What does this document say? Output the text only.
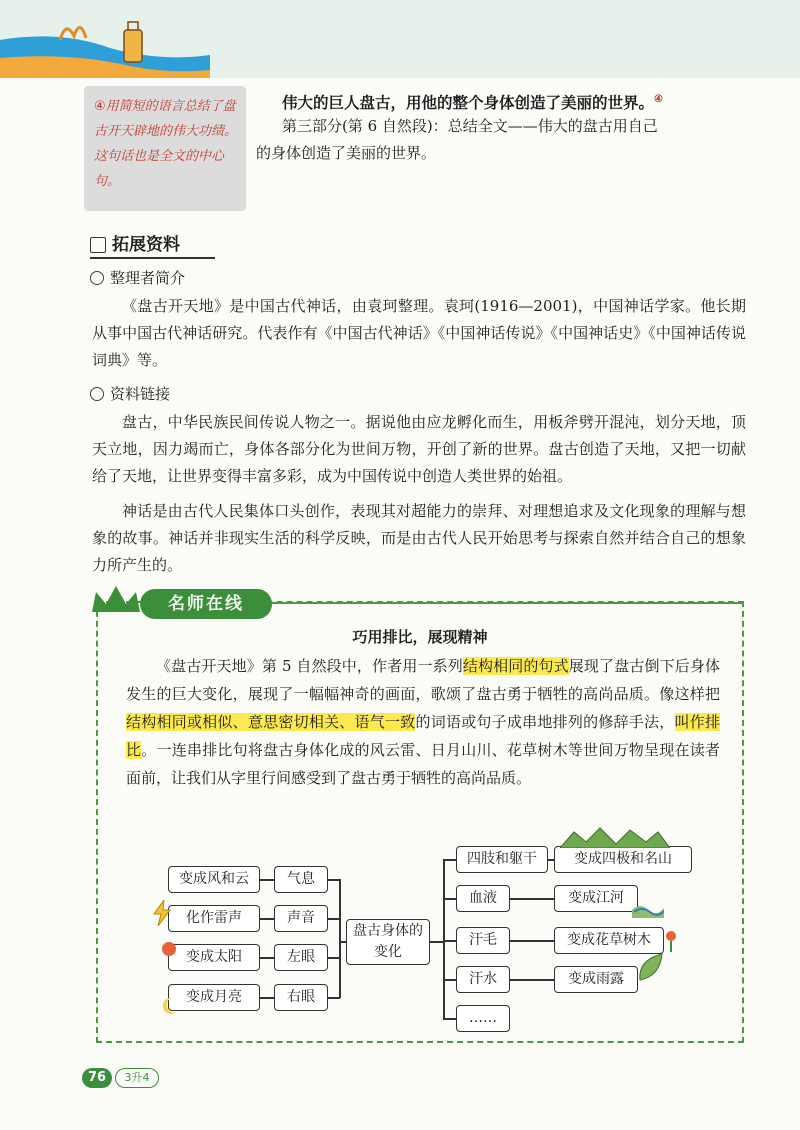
④用简短的语言总结了盘古开天辟地的伟大功绩。这句话也是全文的中心句。
伟大的巨人盘古，用他的整个身体创造了美丽的世界。④
第三部分(第 6 自然段)：总结全文——伟大的盘古用自己
的身体创造了美丽的世界。
拓展资料
整理者简介
《盘古开天地》是中国古代神话，由袁珂整理。袁珂(1916—2001)，中国神话学家。他长期从事中国古代神话研究。代表作有《中国古代神话》《中国神话传说》《中国神话史》《中国神话传说词典》等。
资料链接
盘古，中华民族民间传说人物之一。据说他由应龙孵化而生，用板斧劈开混沌，划分天地，顶天立地，因力竭而亡，身体各部分化为世间万物，开创了新的世界。盘古创造了天地，又把一切献给了天地，让世界变得丰富多彩，成为中国传说中创造人类世界的始祖。
神话是由古代人民集体口头创作，表现其对超能力的崇拜、对理想追求及文化现象的理解与想象的故事。神话并非现实生活的科学反映，而是由古代人民开始思考与探索自然并结合自己的想象力所产生的。
名师在线
巧用排比，展现精神
《盘古开天地》第 5 自然段中，作者用一系列结构相同的句式展现了盘古倒下后身体发生的巨大变化，展现了一幅幅神奇的画面，歌颂了盘古勇于牺牲的高尚品质。像这样把结构相同或相似、意思密切相关、语气一致的词语或句子成串地排列的修辞手法，叫作排比。一连串排比句将盘古身体化成的风云雷、日月山川、花草树木等世间万物呈现在读者面前，让我们从字里行间感受到了盘古勇于牺牲的高尚品质。
盘古身体的变化
变成风和云
化作雷声
变成太阳
变成月亮
气息
声音
左眼
右眼
四肢和躯干
血液
汗毛
汗水
……
变成四极和名山
变成江河
变成花草树木
变成雨露
76	3升4
